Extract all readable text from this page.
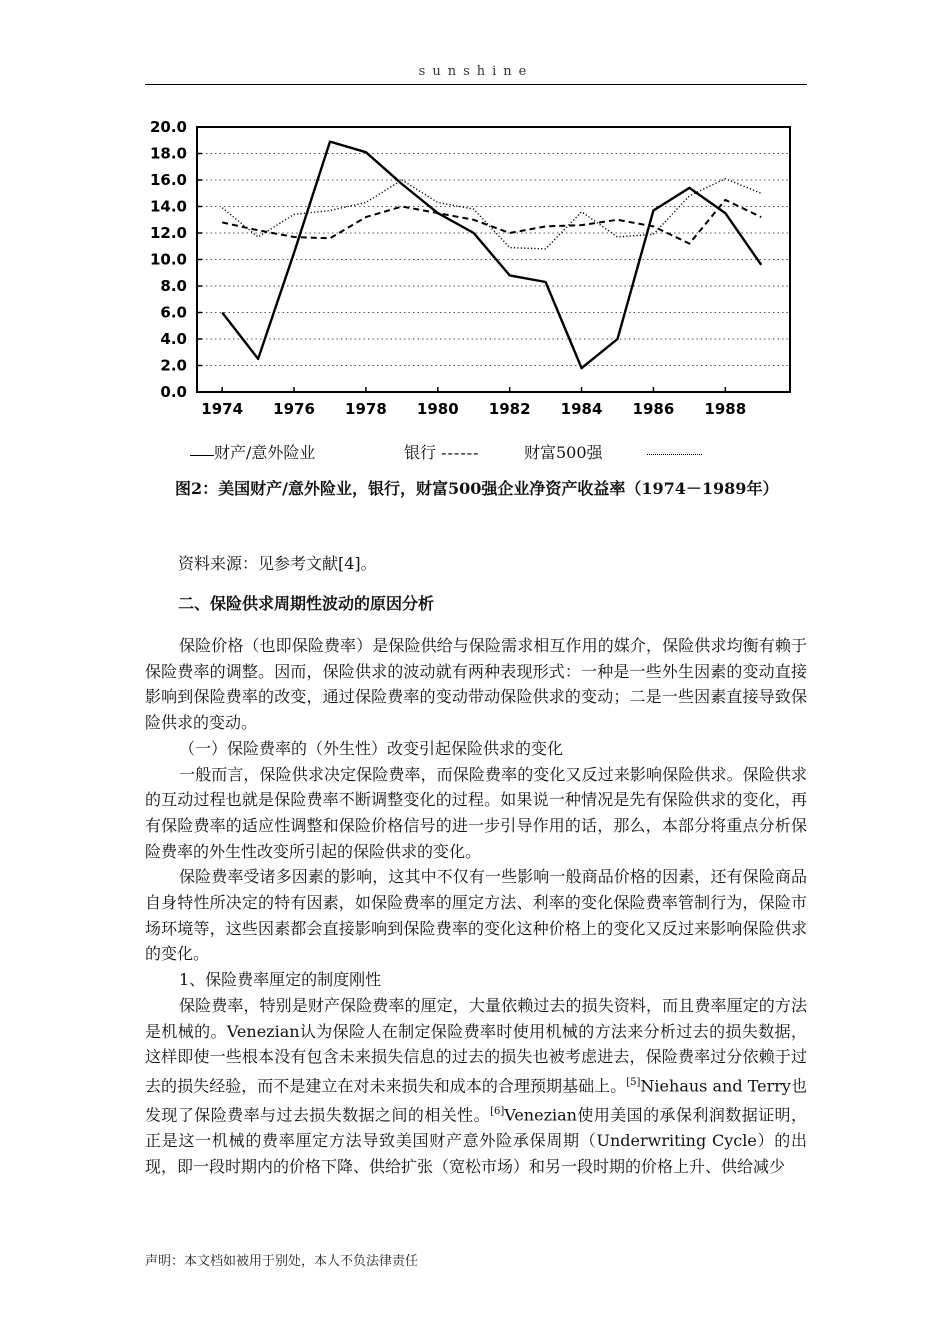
sunshine
0.0
2.0
4.0
6.0
8.0
10.0
12.0
14.0
16.0
18.0
20.0
1974 1976 1978 1980 1982 1984 1986 1988
财产/意外险业	银行 ------	财富500强
图2：美国财产/意外险业，银行，财富500强企业净资产收益率（1974－1989年）
资料来源：见参考文献[4]。
二、保险供求周期性波动的原因分析

保险价格（也即保险费率）是保险供给与保险需求相互作用的媒介，保险供求均衡有赖于保险费率的调整。因而，保险供求的波动就有两种表现形式：一种是一些外生因素的变动直接影响到保险费率的改变，通过保险费率的变动带动保险供求的变动；二是一些因素直接导致保险供求的变动。

（一）保险费率的（外生性）改变引起保险供求的变化

一般而言，保险供求决定保险费率，而保险费率的变化又反过来影响保险供求。保险供求的互动过程也就是保险费率不断调整变化的过程。如果说一种情况是先有保险供求的变化，再有保险费率的适应性调整和保险价格信号的进一步引导作用的话，那么，本部分将重点分析保险费率的外生性改变所引起的保险供求的变化。

保险费率受诸多因素的影响，这其中不仅有一些影响一般商品价格的因素，还有保险商品自身特性所决定的特有因素，如保险费率的厘定方法、利率的变化保险费率管制行为，保险市场环境等，这些因素都会直接影响到保险费率的变化这种价格上的变化又反过来影响保险供求的变化。

1、保险费率厘定的制度刚性

保险费率，特别是财产保险费率的厘定，大量依赖过去的损失资料，而且费率厘定的方法是机械的。Venezian认为保险人在制定保险费率时使用机械的方法来分析过去的损失数据，这样即使一些根本没有包含未来损失信息的过去的损失也被考虑进去，保险费率过分依赖于过去的损失经验，而不是建立在对未来损失和成本的合理预期基础上。[5]Niehaus and Terry也发现了保险费率与过去损失数据之间的相关性。[6]Venezian使用美国的承保利润数据证明，正是这一机械的费率厘定方法导致美国财产意外险承保周期（Underwriting Cycle）的出现，即一段时期内的价格下降、供给扩张（宽松市场）和另一段时期的价格上升、供给减少

声明：本文档如被用于别处，本人不负法律责任
